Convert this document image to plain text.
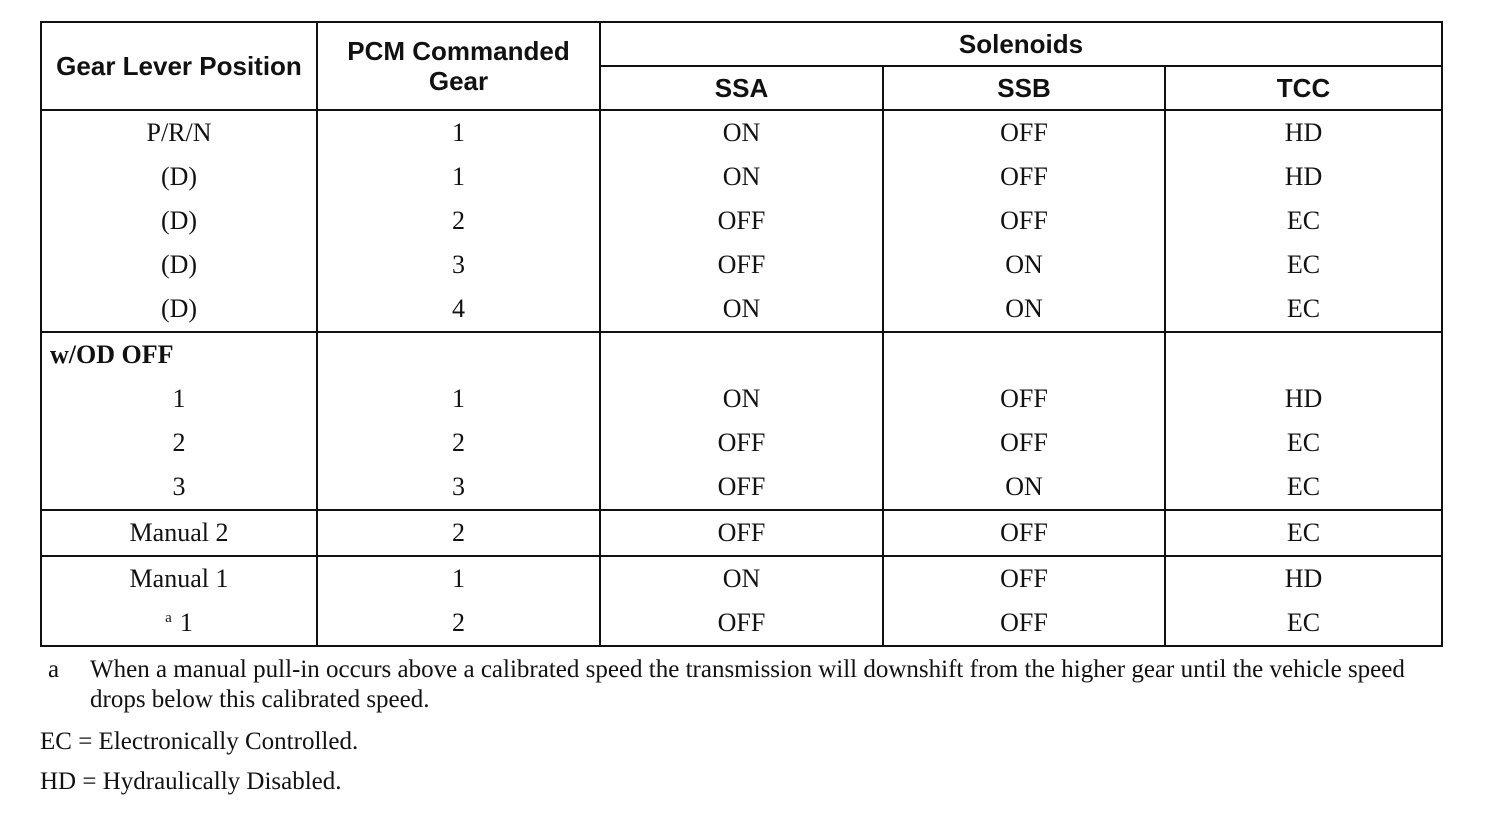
Gear Lever Position	PCM Commanded Gear	Solenoids		
		SSA	SSB	TCC
P/R/N	1	ON	OFF	HD
(D)	1	ON	OFF	HD
(D)	2	OFF	OFF	EC
(D)	3	OFF	ON	EC
(D)	4	ON	ON	EC
w/OD OFF				
1	1	ON	OFF	HD
2	2	OFF	OFF	EC
3	3	OFF	ON	EC
Manual 2	2	OFF	OFF	EC
Manual 1	1	ON	OFF	HD
$^a$ 1	2	OFF	OFF	EC
a	When a manual pull-in occurs above a calibrated speed the transmission will downshift from the higher gear until the vehicle speed drops below this calibrated speed.
EC = Electronically Controlled.
HD = Hydraulically Disabled.
